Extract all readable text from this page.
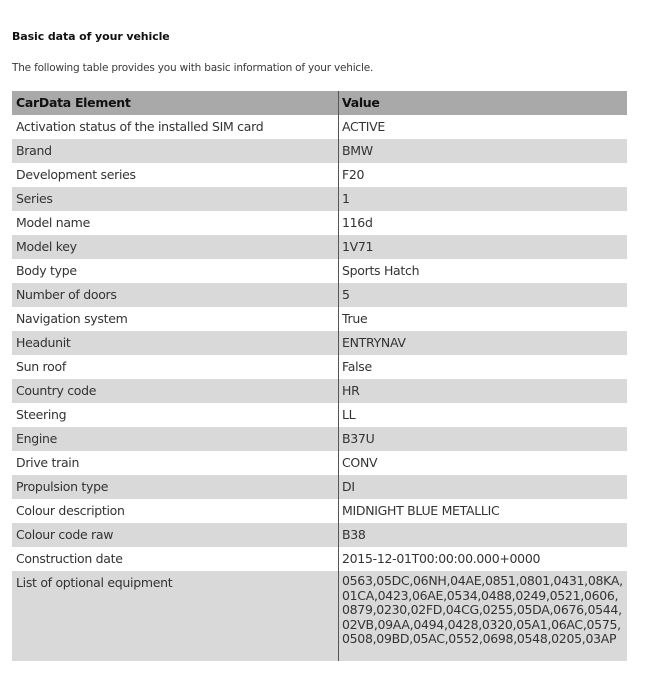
Basic data of your vehicle
The following table provides you with basic information of your vehicle.
CarData Element	Value
Activation status of the installed SIM card	ACTIVE
Brand	BMW
Development series	F20
Series	1
Model name	116d
Model key	1V71
Body type	Sports Hatch
Number of doors	5
Navigation system	True
Headunit	ENTRYNAV
Sun roof	False
Country code	HR
Steering	LL
Engine	B37U
Drive train	CONV
Propulsion type	DI
Colour description	MIDNIGHT BLUE METALLIC
Colour code raw	B38
Construction date	2015-12-01T00:00:00.000+0000
List of optional equipment	0563,05DC,06NH,04AE,0851,0801,0431,08KA,01CA,0423,06AE,0534,0488,0249,0521,0606,0879,0230,02FD,04CG,0255,05DA,0676,0544,02VB,09AA,0494,0428,0320,05A1,06AC,0575,0508,09BD,05AC,0552,0698,0548,0205,03AP
